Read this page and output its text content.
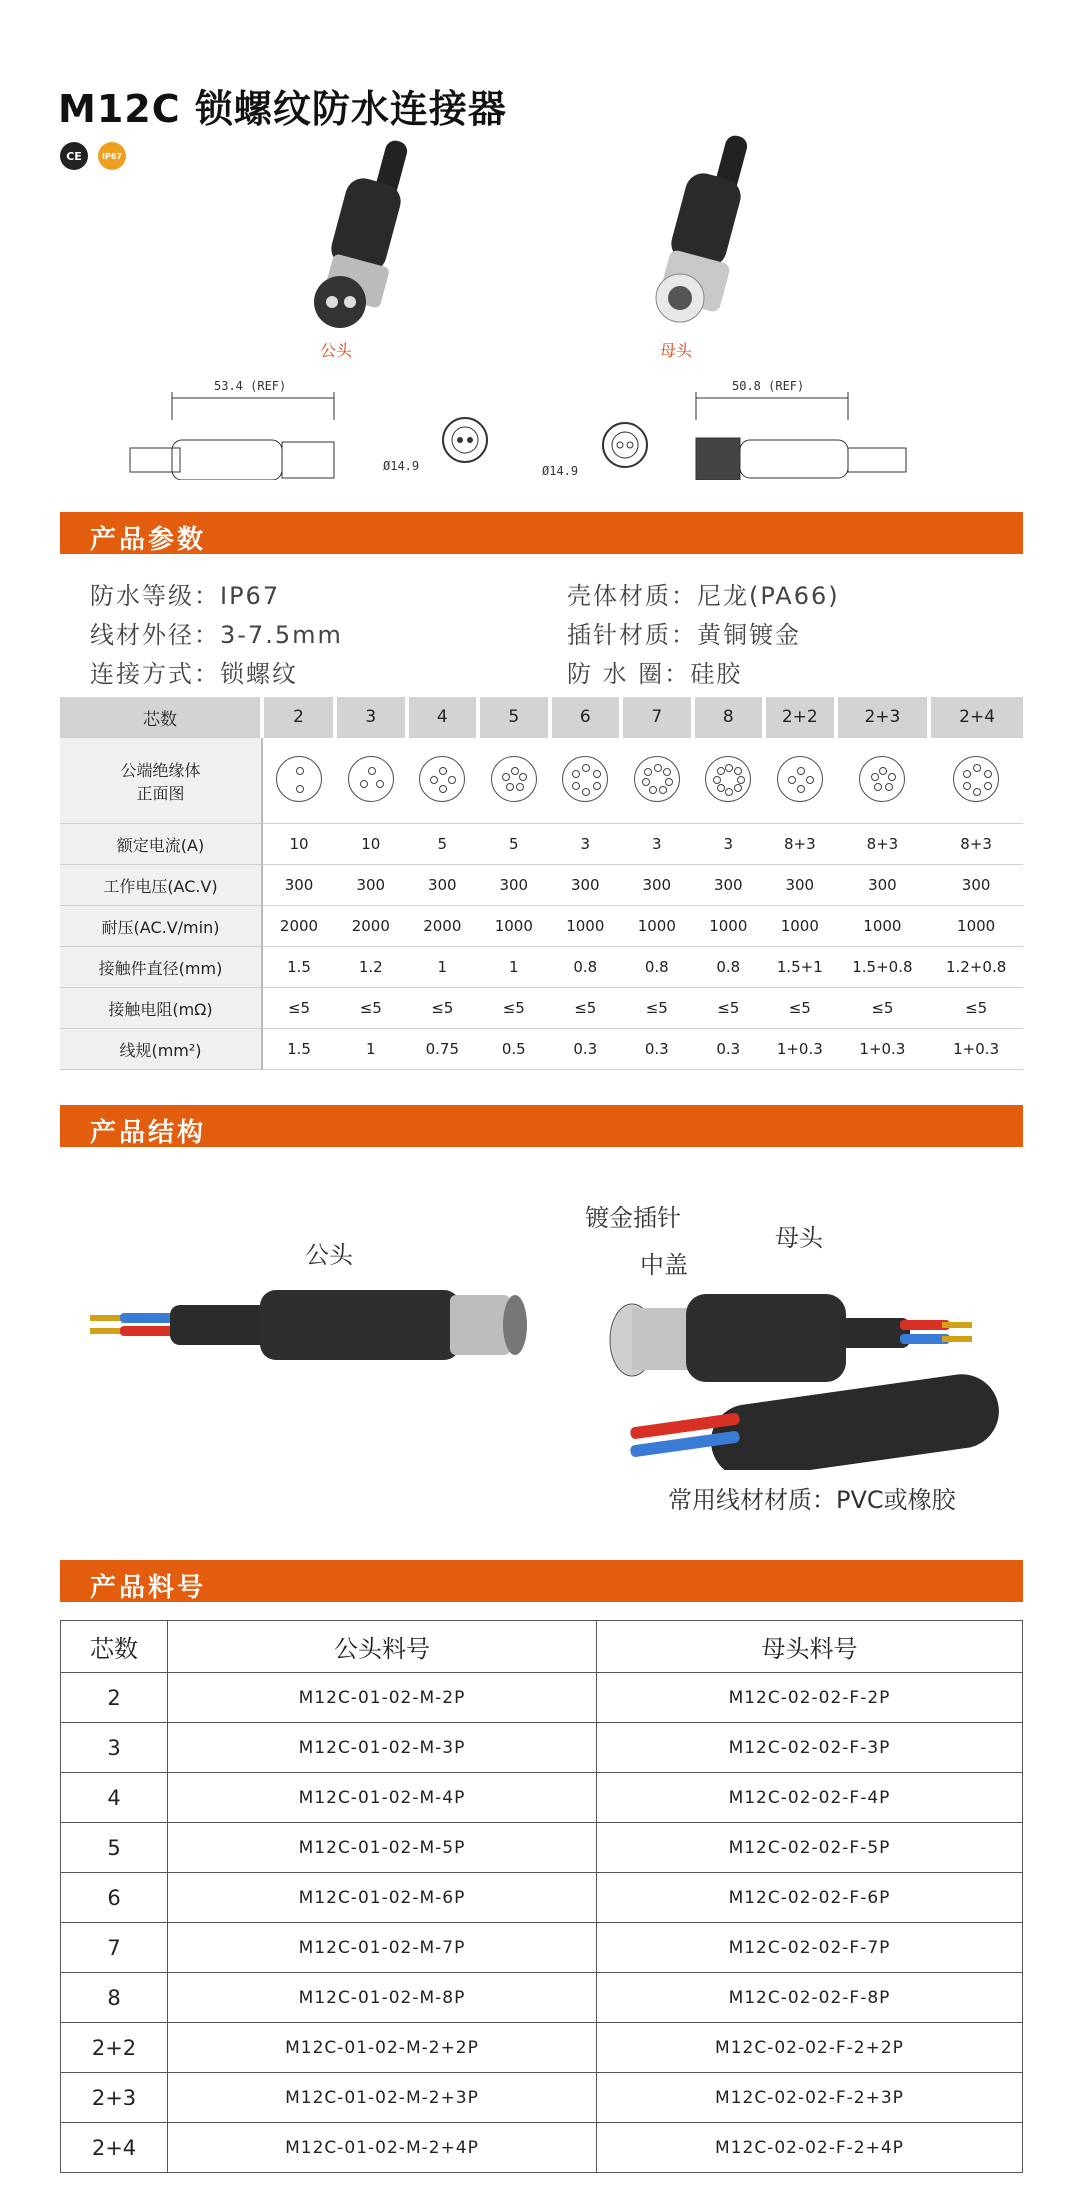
M12C 锁螺纹防水连接器
CE	IP67
公头	母头
53.4 (REF)
Ø14.9	Ø14.9
50.8 (REF)
产品参数
防水等级：IP67
线材外径：3-7.5mm
连接方式：锁螺纹
壳体材质：尼龙(PA66)
插针材质：黄铜镀金
防 水 圈：硅胶
芯数	2	3	4	5	6	7	8	2+2	2+3	2+4
公端绝缘体
正面图	

额定电流(A)	10	10	5	5	3	3	3	8+3	8+3	8+3
工作电压(AC.V)	300	300	300	300	300	300	300	300	300	300
耐压(AC.V/min)	2000	2000	2000	1000	1000	1000	1000	1000	1000	1000
接触件直径(mm)	1.5	1.2	1	1	0.8	0.8	0.8	1.5+1	1.5+0.8	1.2+0.8
接触电阻(mΩ)	≤5	≤5	≤5	≤5	≤5	≤5	≤5	≤5	≤5	≤5
线规(mm²)	1.5	1	0.75	0.5	0.3	0.3	0.3	1+0.3	1+0.3	1+0.3
产品结构
公头
镀金插针
中盖
母头
常用线材材质：PVC或橡胶
产品料号
芯数	公头料号	母头料号
2	M12C-01-02-M-2P	M12C-02-02-F-2P
3	M12C-01-02-M-3P	M12C-02-02-F-3P
4	M12C-01-02-M-4P	M12C-02-02-F-4P
5	M12C-01-02-M-5P	M12C-02-02-F-5P
6	M12C-01-02-M-6P	M12C-02-02-F-6P
7	M12C-01-02-M-7P	M12C-02-02-F-7P
8	M12C-01-02-M-8P	M12C-02-02-F-8P
2+2	M12C-01-02-M-2+2P	M12C-02-02-F-2+2P
2+3	M12C-01-02-M-2+3P	M12C-02-02-F-2+3P
2+4	M12C-01-02-M-2+4P	M12C-02-02-F-2+4P
